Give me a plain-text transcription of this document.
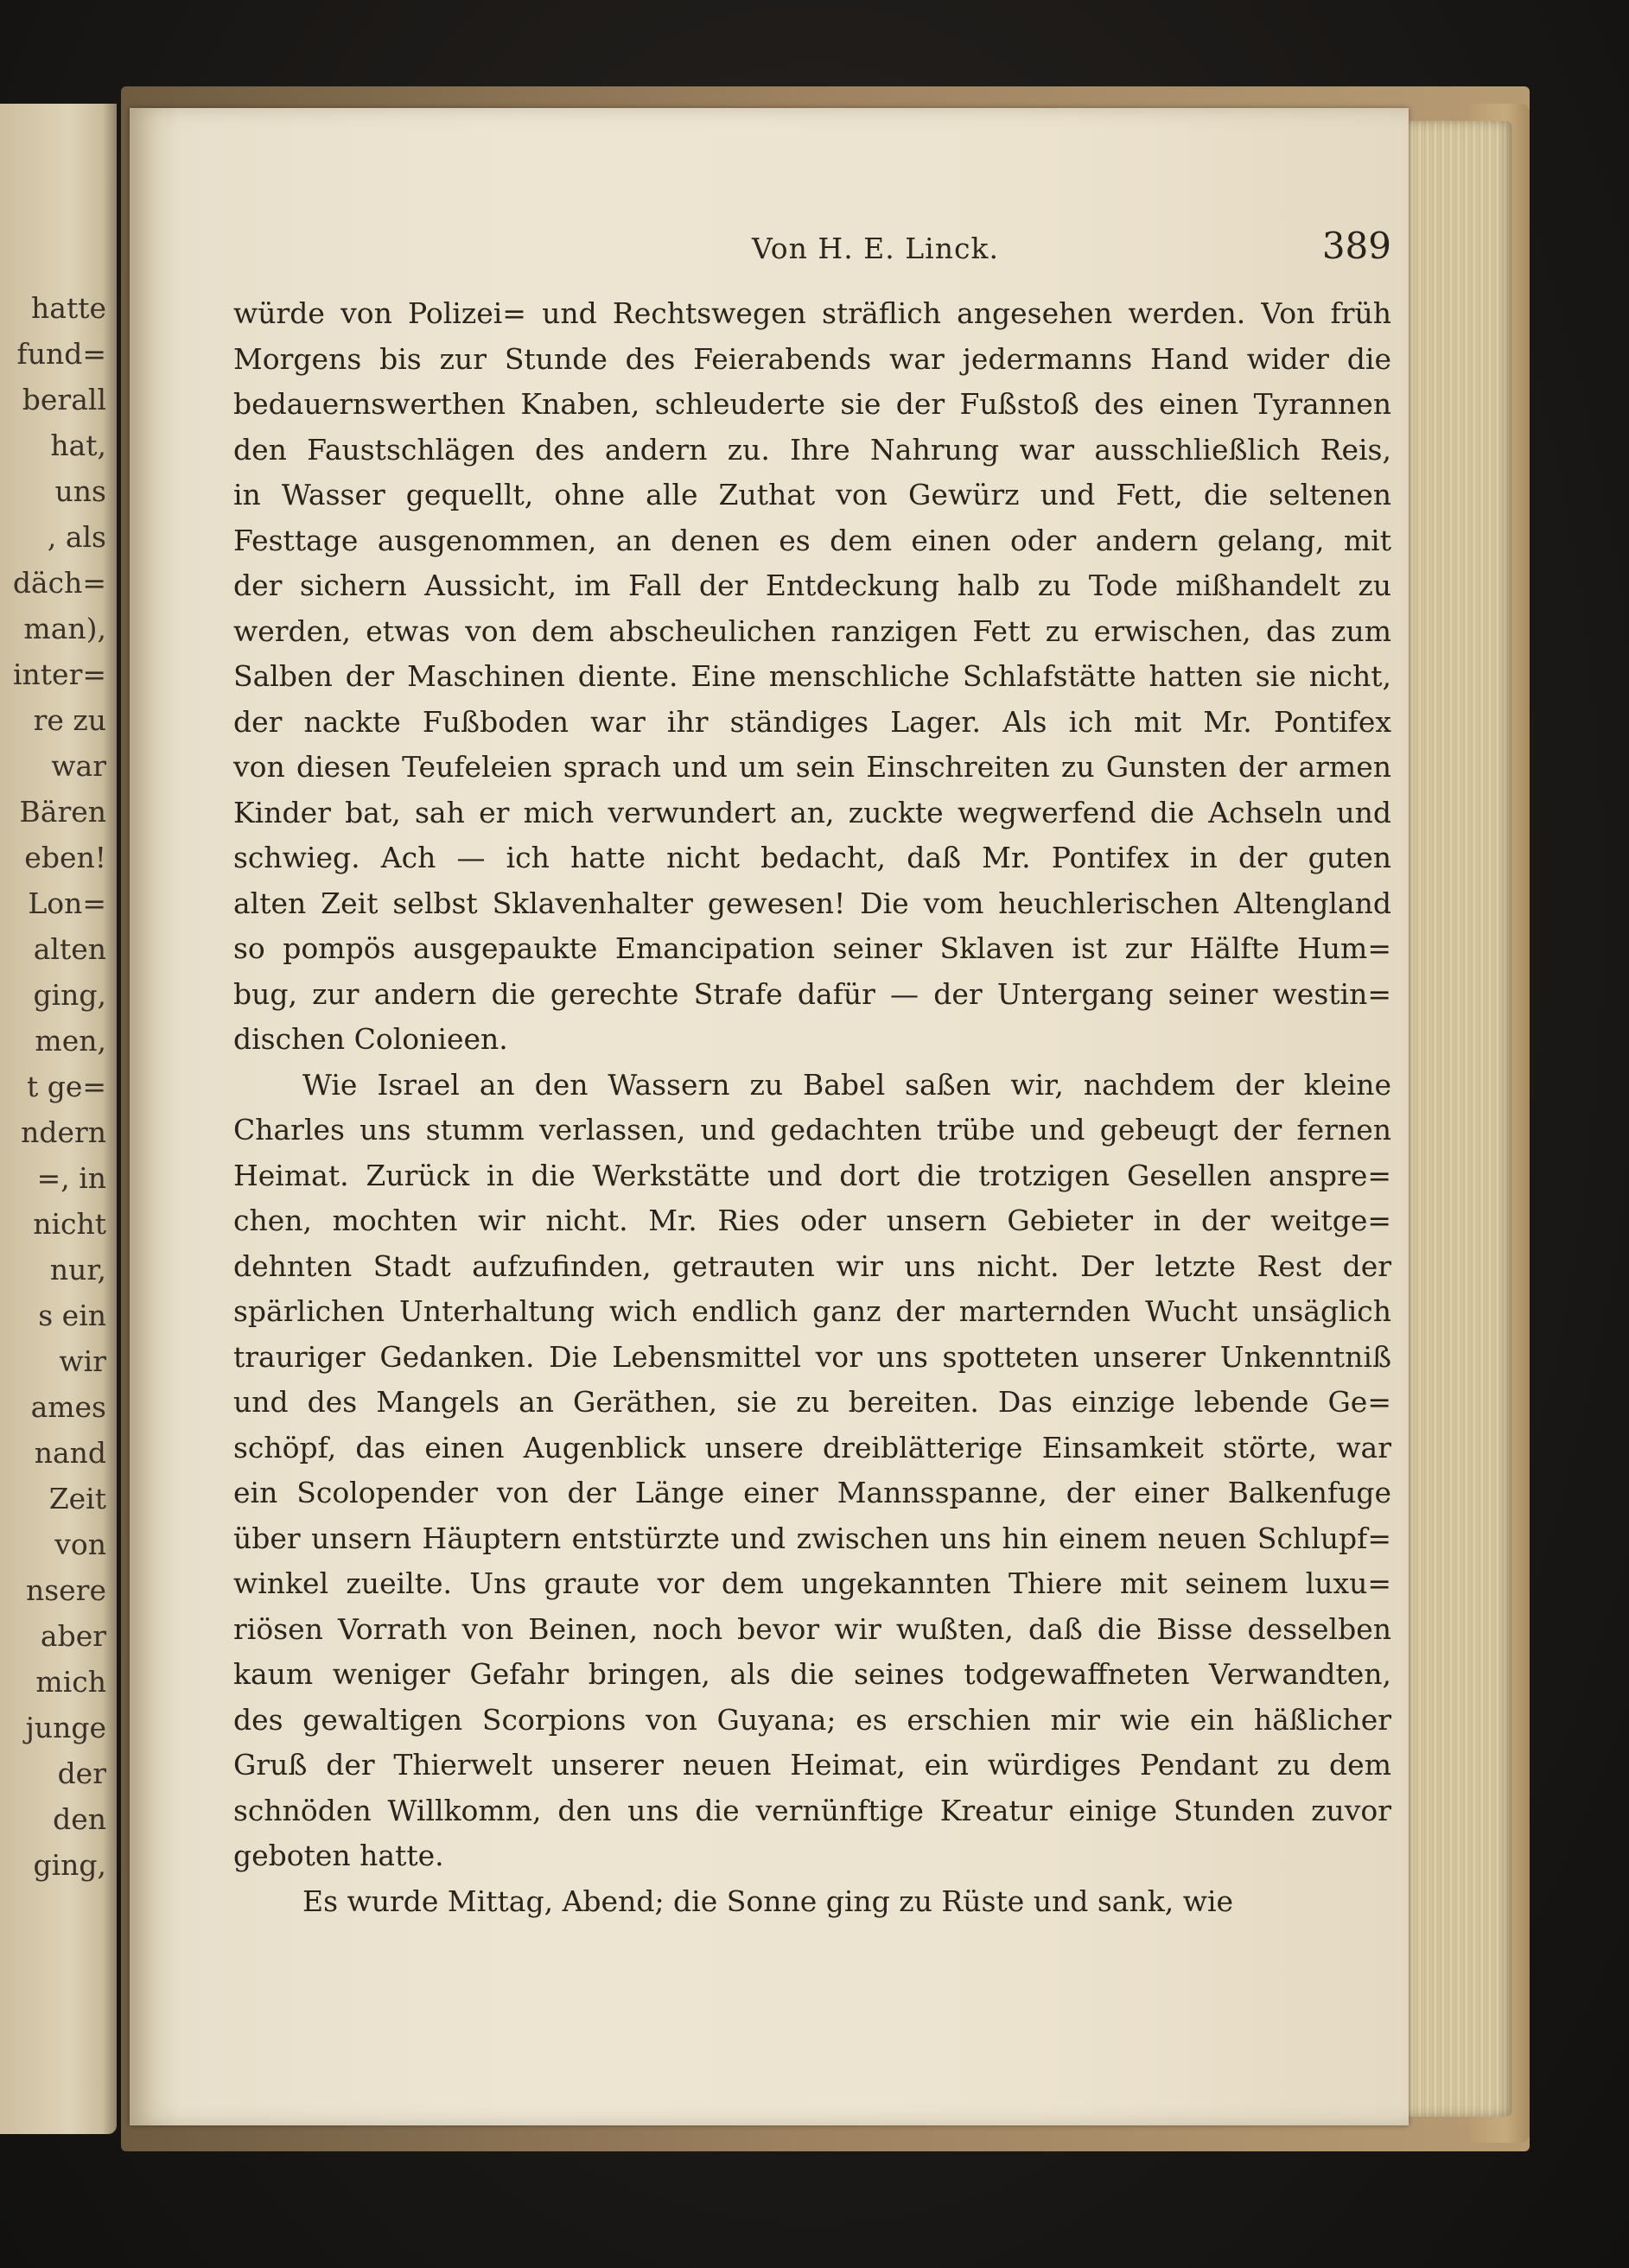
hatte
fund=
berall
hat,
uns
, als
däch=
man),
inter=
re zu
war
Bären
eben!
Lon=
alten
ging,
men,
t ge=
ndern
=, in
nicht
nur,
s ein
wir
ames
nand
Zeit
von
nsere
aber
mich
junge
der
den
ging,
Von H. E. Linck.	389
würde von Polizei= und Rechtswegen sträflich angesehen werden. Von früh
Morgens bis zur Stunde des Feierabends war jedermanns Hand wider die
bedauernswerthen Knaben, schleuderte sie der Fußstoß des einen Tyrannen
den Faustschlägen des andern zu. Ihre Nahrung war ausschließlich Reis,
in Wasser gequellt, ohne alle Zuthat von Gewürz und Fett, die seltenen
Festtage ausgenommen, an denen es dem einen oder andern gelang, mit
der sichern Aussicht, im Fall der Entdeckung halb zu Tode mißhandelt zu
werden, etwas von dem abscheulichen ranzigen Fett zu erwischen, das zum
Salben der Maschinen diente. Eine menschliche Schlafstätte hatten sie nicht,
der nackte Fußboden war ihr ständiges Lager. Als ich mit Mr. Pontifex
von diesen Teufeleien sprach und um sein Einschreiten zu Gunsten der armen
Kinder bat, sah er mich verwundert an, zuckte wegwerfend die Achseln und
schwieg. Ach — ich hatte nicht bedacht, daß Mr. Pontifex in der guten
alten Zeit selbst Sklavenhalter gewesen! Die vom heuchlerischen Altengland
so pompös ausgepaukte Emancipation seiner Sklaven ist zur Hälfte Hum=
bug, zur andern die gerechte Strafe dafür — der Untergang seiner westin=
dischen Colonieen.
Wie Israel an den Wassern zu Babel saßen wir, nachdem der kleine
Charles uns stumm verlassen, und gedachten trübe und gebeugt der fernen
Heimat. Zurück in die Werkstätte und dort die trotzigen Gesellen anspre=
chen, mochten wir nicht. Mr. Ries oder unsern Gebieter in der weitge=
dehnten Stadt aufzufinden, getrauten wir uns nicht. Der letzte Rest der
spärlichen Unterhaltung wich endlich ganz der marternden Wucht unsäglich
trauriger Gedanken. Die Lebensmittel vor uns spotteten unserer Unkenntniß
und des Mangels an Geräthen, sie zu bereiten. Das einzige lebende Ge=
schöpf, das einen Augenblick unsere dreiblätterige Einsamkeit störte, war
ein Scolopender von der Länge einer Mannsspanne, der einer Balkenfuge
über unsern Häuptern entstürzte und zwischen uns hin einem neuen Schlupf=
winkel zueilte. Uns graute vor dem ungekannten Thiere mit seinem luxu=
riösen Vorrath von Beinen, noch bevor wir wußten, daß die Bisse desselben
kaum weniger Gefahr bringen, als die seines todgewaffneten Verwandten,
des gewaltigen Scorpions von Guyana; es erschien mir wie ein häßlicher
Gruß der Thierwelt unserer neuen Heimat, ein würdiges Pendant zu dem
schnöden Willkomm, den uns die vernünftige Kreatur einige Stunden zuvor
geboten hatte.
Es wurde Mittag, Abend; die Sonne ging zu Rüste und sank, wie
